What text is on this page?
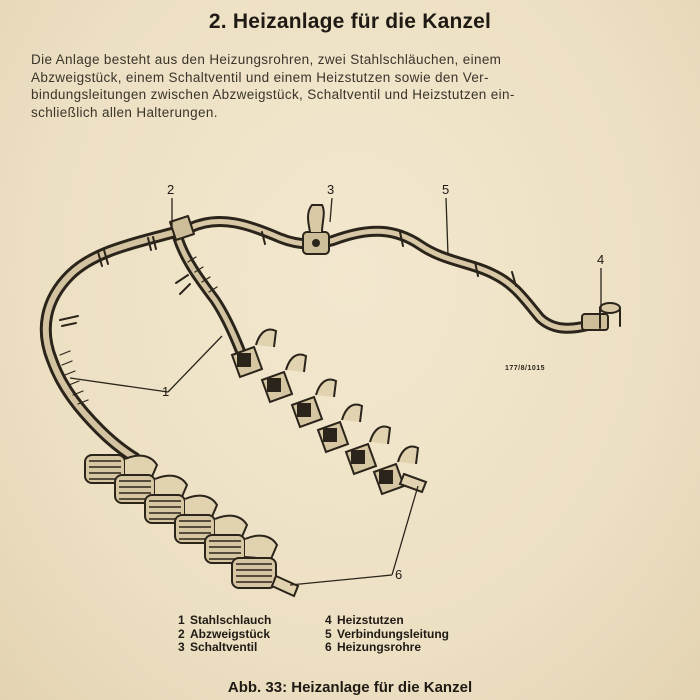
2. Heizanlage für die Kanzel
Die Anlage besteht aus den Heizungsrohren, zwei Stahlschläuchen, einem
Abzweigstück, einem Schaltventil und einem Heizstutzen sowie den Ver-
bindungsleitungen zwischen Abzweigstück, Schaltventil und Heizstutzen ein-
schließlich allen Halterungen.
2	3	5
4
1
6
177/8/1015
1 Stahlschlauch
2 Abzweigstück
3 Schaltventil
4 Heizstutzen
5 Verbindungsleitung
6 Heizungsrohre
Abb. 33: Heizanlage für die Kanzel
